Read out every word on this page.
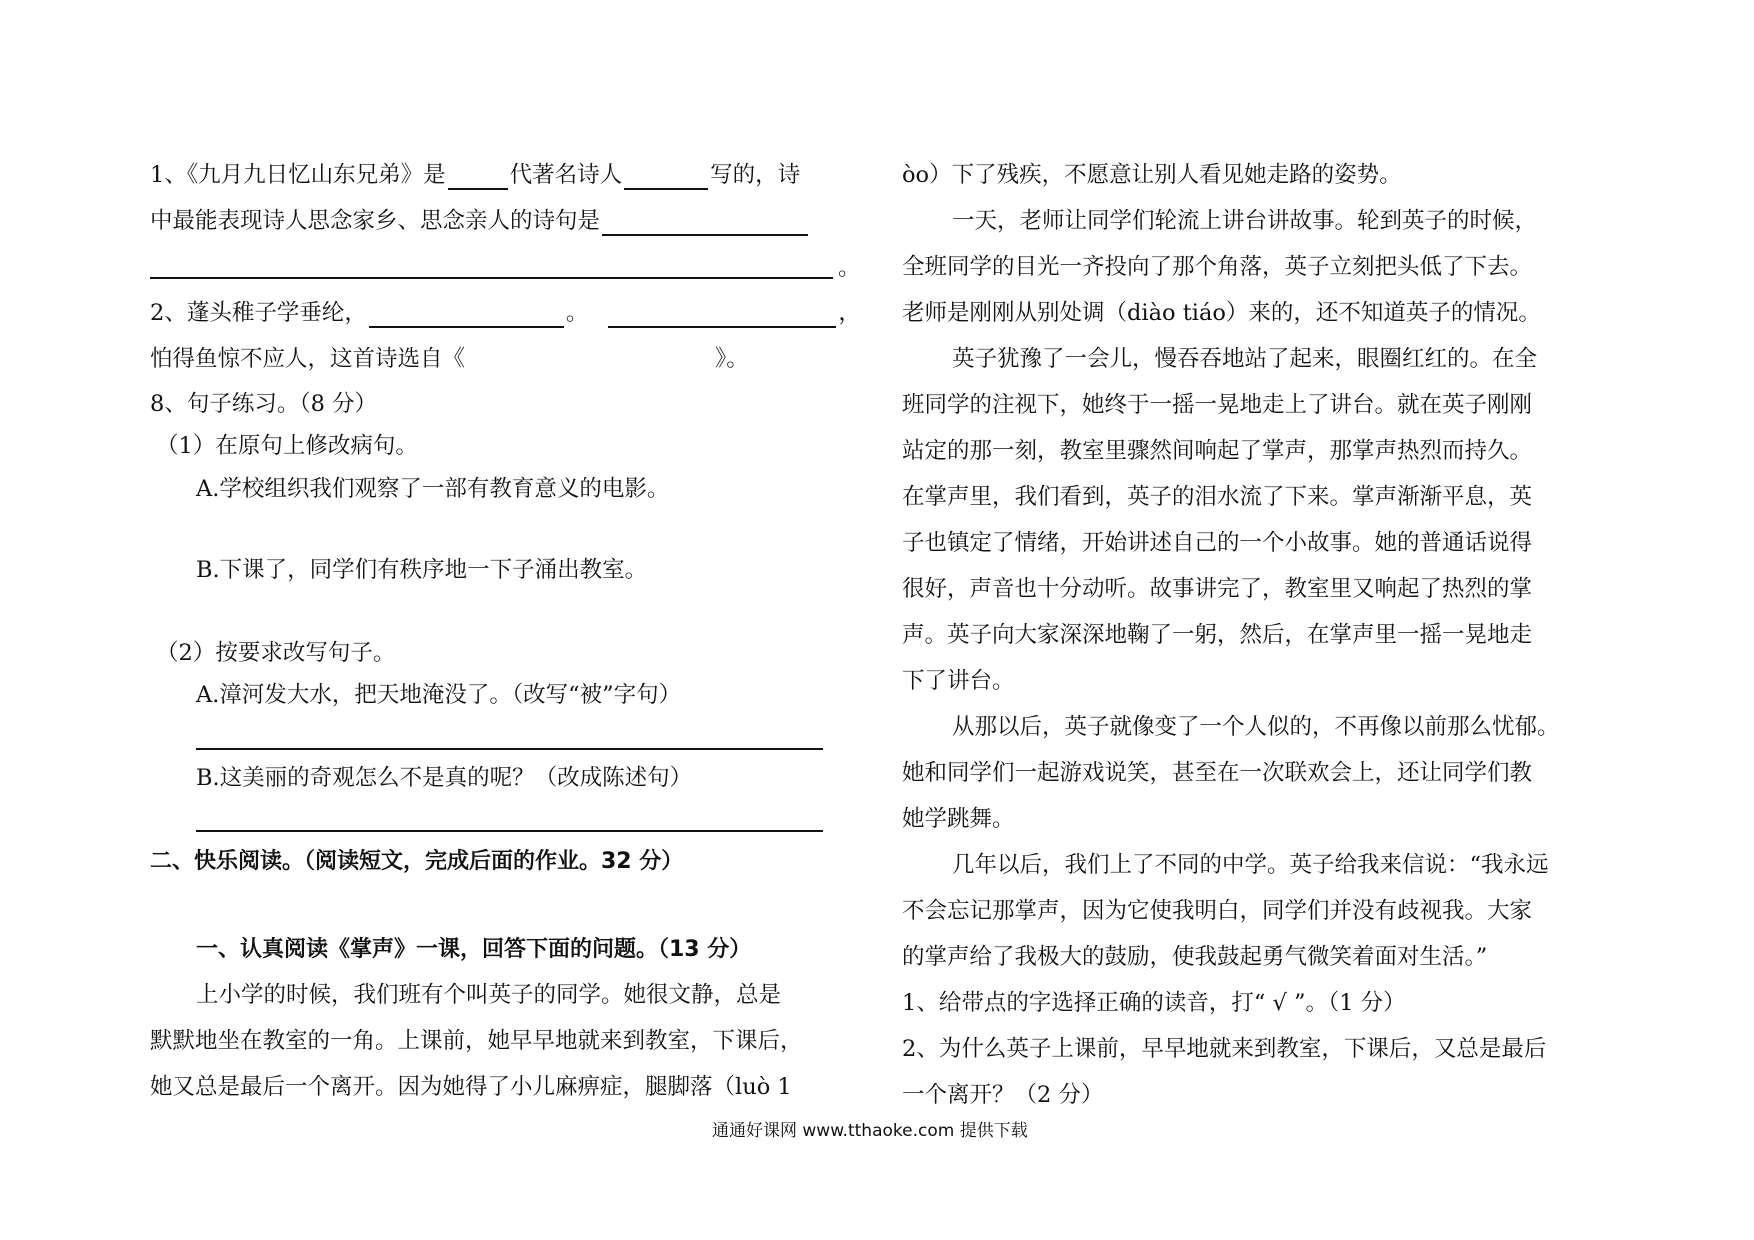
1、《九月九日忆山东兄弟》是	代著名诗人	写的，诗
中最能表现诗人思念家乡、思念亲人的诗句是
。
2、蓬头稚子学垂纶，	。	，
怕得鱼惊不应人，这首诗选自《	》。
8、句子练习。（8 分）
（1）在原句上修改病句。
A.学校组织我们观察了一部有教育意义的电影。
B.下课了，同学们有秩序地一下子涌出教室。
（2）按要求改写句子。
A.漳河发大水，把天地淹没了。（改写“被”字句）
B.这美丽的奇观怎么不是真的呢？（改成陈述句）
二、快乐阅读。（阅读短文，完成后面的作业。32 分）
一、认真阅读《掌声》一课，回答下面的问题。（13 分）
上小学的时候，我们班有个叫英子的同学。她很文静，总是
默默地坐在教室的一角。上课前，她早早地就来到教室，下课后，
她又总是最后一个离开。因为她得了小儿麻痹症，腿脚落（luò 1
òo）下了残疾，不愿意让别人看见她走路的姿势。
一天，老师让同学们轮流上讲台讲故事。轮到英子的时候，
全班同学的目光一齐投向了那个角落，英子立刻把头低了下去。
老师是刚刚从别处调（diào tiáo）来的，还不知道英子的情况。
英子犹豫了一会儿，慢吞吞地站了起来，眼圈红红的。在全
班同学的注视下，她终于一摇一晃地走上了讲台。就在英子刚刚
站定的那一刻，教室里骤然间响起了掌声，那掌声热烈而持久。
在掌声里，我们看到，英子的泪水流了下来。掌声渐渐平息，英
子也镇定了情绪，开始讲述自己的一个小故事。她的普通话说得
很好，声音也十分动听。故事讲完了，教室里又响起了热烈的掌
声。英子向大家深深地鞠了一躬，然后，在掌声里一摇一晃地走
下了讲台。
从那以后，英子就像变了一个人似的，不再像以前那么忧郁。
她和同学们一起游戏说笑，甚至在一次联欢会上，还让同学们教
她学跳舞。
几年以后，我们上了不同的中学。英子给我来信说：“我永远
不会忘记那掌声，因为它使我明白，同学们并没有歧视我。大家
的掌声给了我极大的鼓励，使我鼓起勇气微笑着面对生活。”
1、给带点的字选择正确的读音，打“ √ ”。（1 分）
2、为什么英子上课前，早早地就来到教室，下课后，又总是最后
一个离开？（2 分）
通通好课网 www.tthaoke.com 提供下载
